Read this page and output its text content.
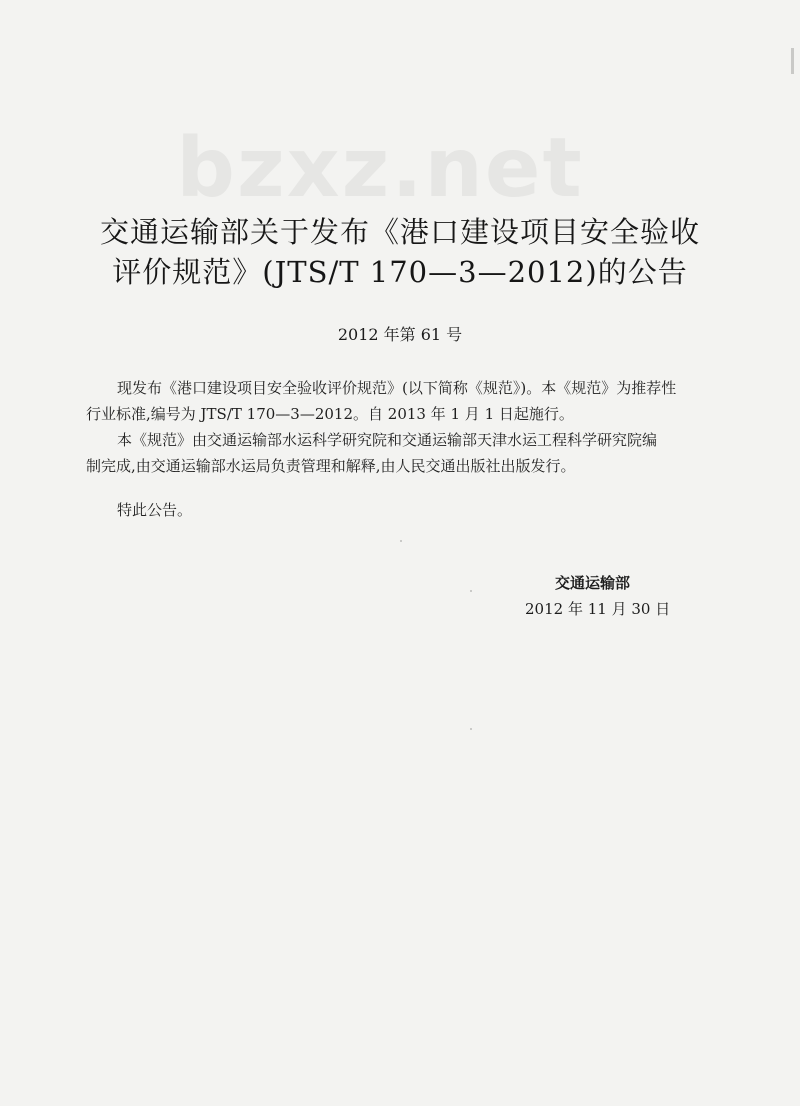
bzxz.net
交通运输部关于发布《港口建设项目安全验收
评价规范》(JTS/T 170—3—2012)的公告
2012 年第 61 号
现发布《港口建设项目安全验收评价规范》(以下简称《规范》)。本《规范》为推荐性
行业标准,编号为 JTS/T 170—3—2012。自 2013 年 1 月 1 日起施行。
本《规范》由交通运输部水运科学研究院和交通运输部天津水运工程科学研究院编
制完成,由交通运输部水运局负责管理和解释,由人民交通出版社出版发行。
特此公告。
交通运输部
2012 年 11 月 30 日
